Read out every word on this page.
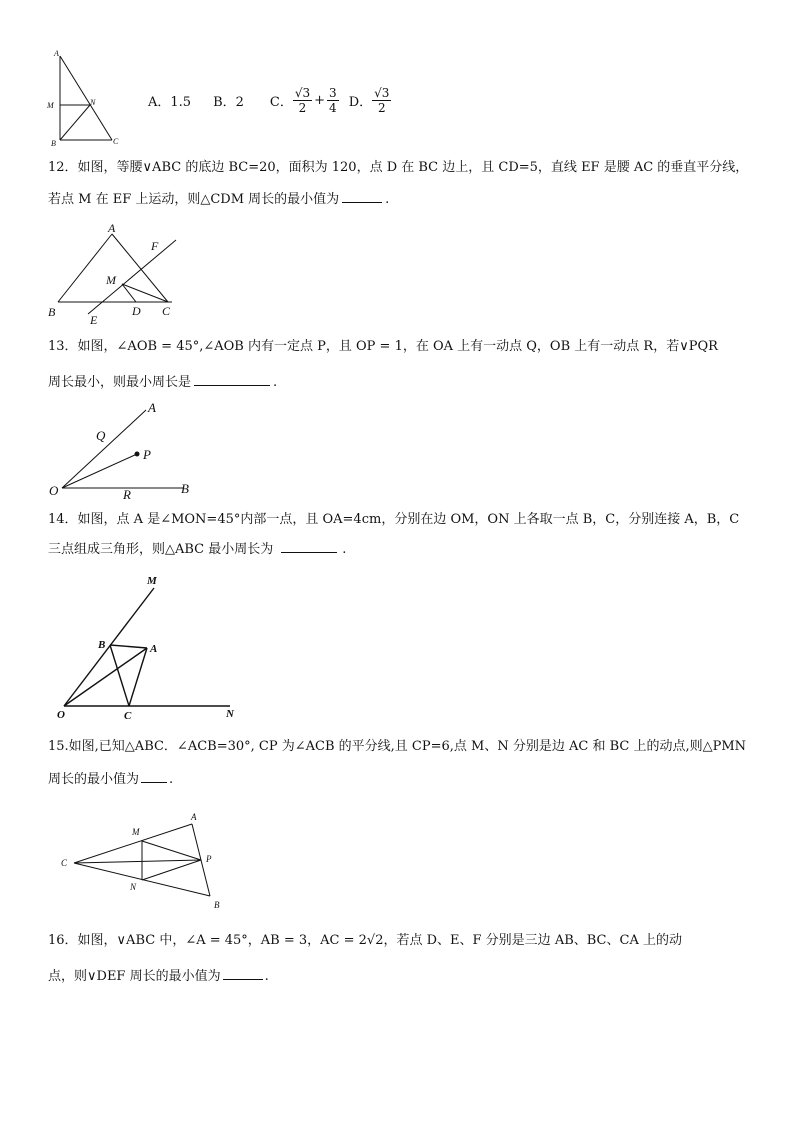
A
M	N
B	C
A．1.5 B．2 C． $\frac{√3}{2} + \frac{3}{4}$ D． $\frac{√3}{2}$
12．如图，等腰∨ABC 的底边 BC=20，面积为 120，点 D 在 BC 边上，且 CD=5，直线 EF 是腰 AC 的垂直平分线，
若点 M 在 EF 上运动，则△CDM 周长的最小值为	.
A
F
M
B	D C
E
13．如图，∠AOB = 45°,∠AOB 内有一定点 P，且 OP = 1，在 OA 上有一动点 Q，OB 上有一动点 R，若∨PQR
周长最小，则最小周长是	.
A
Q
P
O	R	B
14．如图，点 A 是∠MON=45°内部一点，且 OA=4cm，分别在边 OM，ON 上各取一点 B，C，分别连接 A，B，C
三点组成三角形，则△ABC 最小周长为	.
M
B	A
O	C	N
15.如图,已知△ABC．∠ACB=30°, CP 为∠ACB 的平分线,且 CP=6,点 M、N 分别是边 AC 和 BC 上的动点,则△PMN
周长的最小值为 .
A
M
C	P
N
B
16．如图，∨ABC 中，∠A = 45°，AB = 3，AC = 2√2，若点 D、E、F 分别是三边 AB、BC、CA 上的动
点，则∨DEF 周长的最小值为	.
